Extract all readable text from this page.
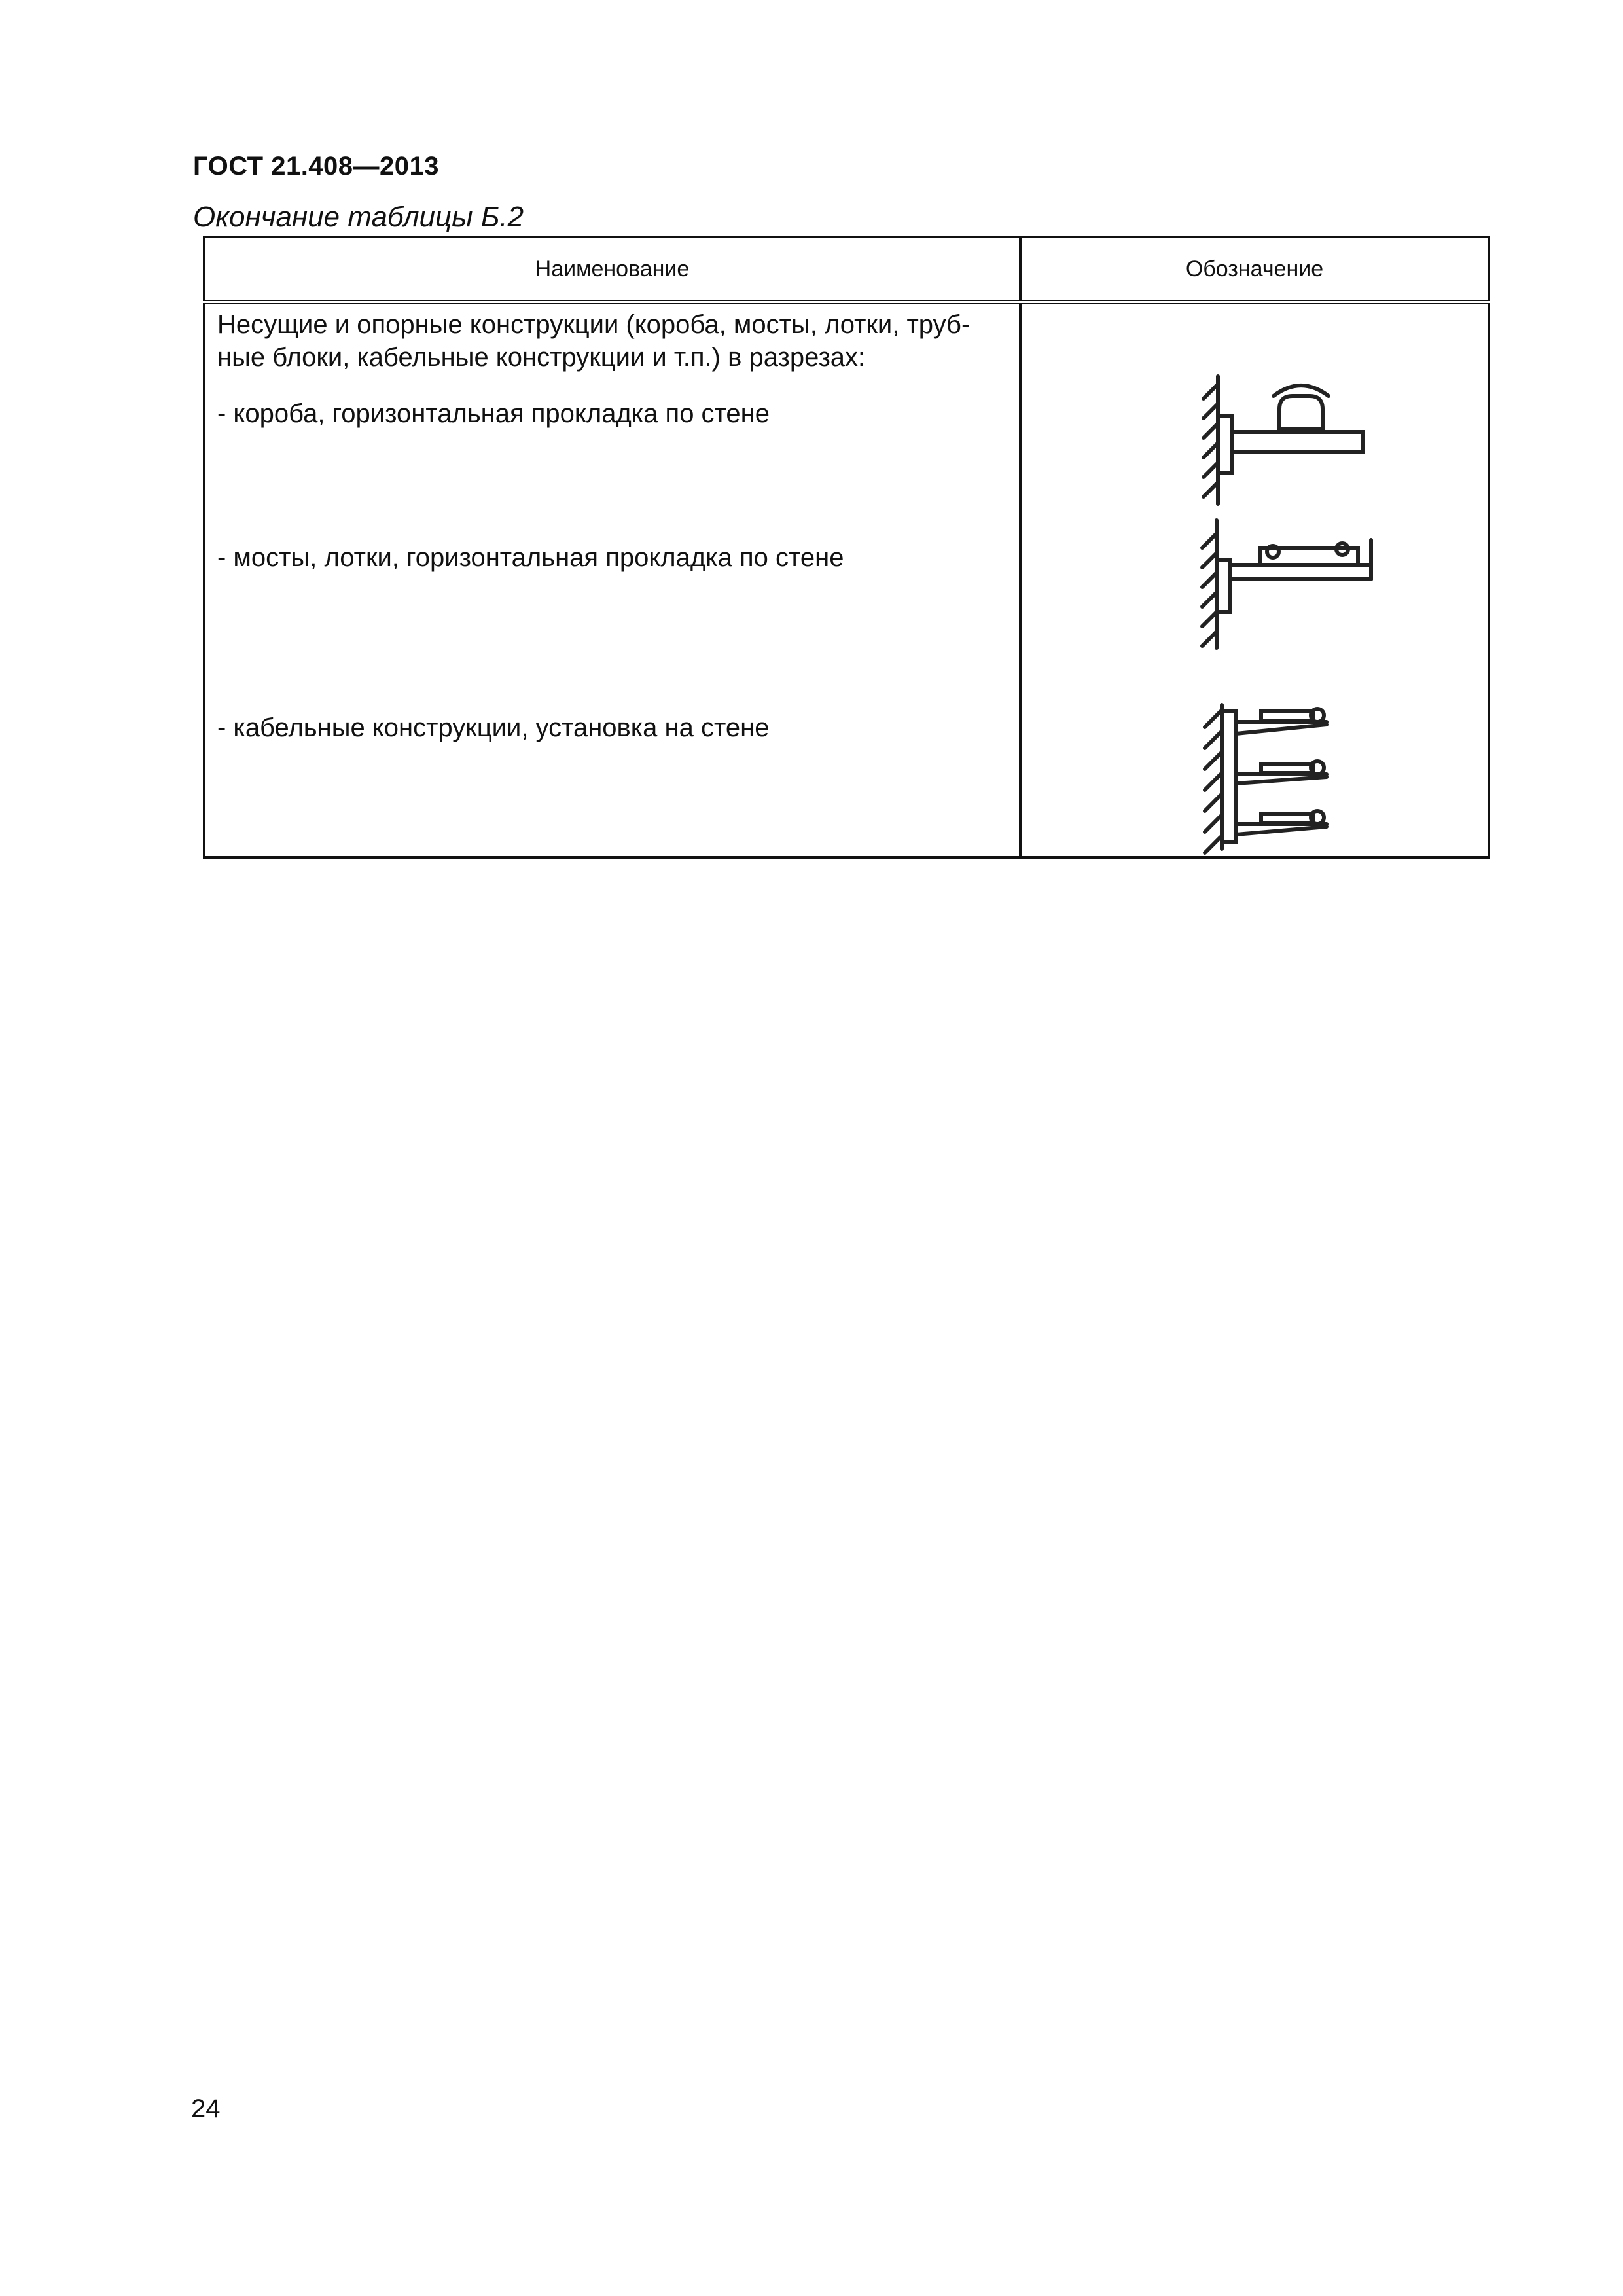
ГОСТ 21.408—2013
Окончание таблицы Б.2
Наименование	Обозначение

Несущие и опорные конструкции (короба, мосты, лотки, труб-
ные блоки, кабельные конструкции и т.п.) в разрезах:
- короба, горизонтальная прокладка по стене
- мосты, лотки, горизонтальная прокладка по стене
- кабельные конструкции, установка на стене

24
